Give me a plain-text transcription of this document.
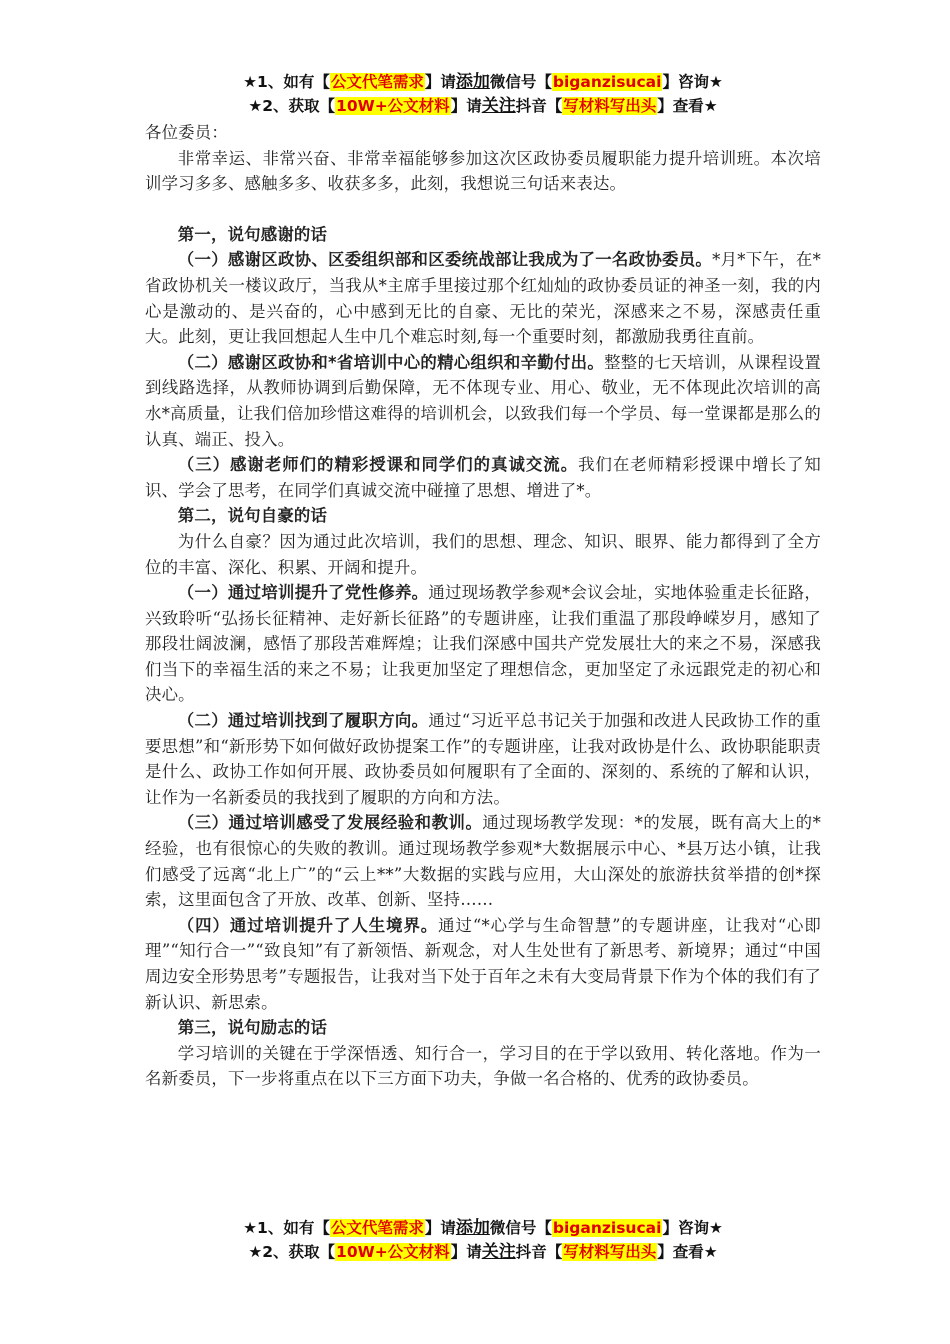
★1、如有【公文代笔需求】请添加微信号【biganzisucai】咨询★
★2、获取【10W+公文材料】请关注抖音【写材料写出头】查看★

各位委员：

非常幸运、非常兴奋、非常幸福能够参加这次区政协委员履职能力提升培训班。本次培训学习多多、感触多多、收获多多，此刻，我想说三句话来表达。

第一，说句感谢的话

（一）感谢区政协、区委组织部和区委统战部让我成为了一名政协委员。*月*下午，在*省政协机关一楼议政厅，当我从*主席手里接过那个红灿灿的政协委员证的神圣一刻，我的内心是激动的、是兴奋的，心中感到无比的自豪、无比的荣光，深感来之不易，深感责任重大。此刻，更让我回想起人生中几个难忘时刻,每一个重要时刻，都激励我勇往直前。

（二）感谢区政协和*省培训中心的精心组织和辛勤付出。整整的七天培训，从课程设置到线路选择，从教师协调到后勤保障，无不体现专业、用心、敬业，无不体现此次培训的高水*高质量，让我们倍加珍惜这难得的培训机会，以致我们每一个学员、每一堂课都是那么的认真、端正、投入。

（三）感谢老师们的精彩授课和同学们的真诚交流。我们在老师精彩授课中增长了知识、学会了思考，在同学们真诚交流中碰撞了思想、增进了*。

第二，说句自豪的话

为什么自豪？因为通过此次培训，我们的思想、理念、知识、眼界、能力都得到了全方位的丰富、深化、积累、开阔和提升。

（一）通过培训提升了党性修养。通过现场教学参观*会议会址，实地体验重走长征路，兴致聆听“弘扬长征精神、走好新长征路”的专题讲座，让我们重温了那段峥嵘岁月，感知了那段壮阔波澜，感悟了那段苦难辉煌；让我们深感中国共产党发展壮大的来之不易，深感我们当下的幸福生活的来之不易；让我更加坚定了理想信念，更加坚定了永远跟党走的初心和决心。

（二）通过培训找到了履职方向。通过“习近平总书记关于加强和改进人民政协工作的重要思想”和“新形势下如何做好政协提案工作”的专题讲座，让我对政协是什么、政协职能职责是什么、政协工作如何开展、政协委员如何履职有了全面的、深刻的、系统的了解和认识，让作为一名新委员的我找到了履职的方向和方法。

（三）通过培训感受了发展经验和教训。通过现场教学发现：*的发展，既有高大上的*经验，也有很惊心的失败的教训。通过现场教学参观*大数据展示中心、*县万达小镇，让我们感受了远离“北上广”的“云上**”大数据的实践与应用，大山深处的旅游扶贫举措的创*探索，这里面包含了开放、改革、创新、坚持……

（四）通过培训提升了人生境界。通过“*心学与生命智慧”的专题讲座，让我对“心即理”“知行合一”“致良知”有了新领悟、新观念，对人生处世有了新思考、新境界；通过“中国周边安全形势思考”专题报告，让我对当下处于百年之未有大变局背景下作为个体的我们有了新认识、新思索。

第三，说句励志的话

学习培训的关键在于学深悟透、知行合一，学习目的在于学以致用、转化落地。作为一名新委员，下一步将重点在以下三方面下功夫，争做一名合格的、优秀的政协委员。

★1、如有【公文代笔需求】请添加微信号【biganzisucai】咨询★
★2、获取【10W+公文材料】请关注抖音【写材料写出头】查看★
